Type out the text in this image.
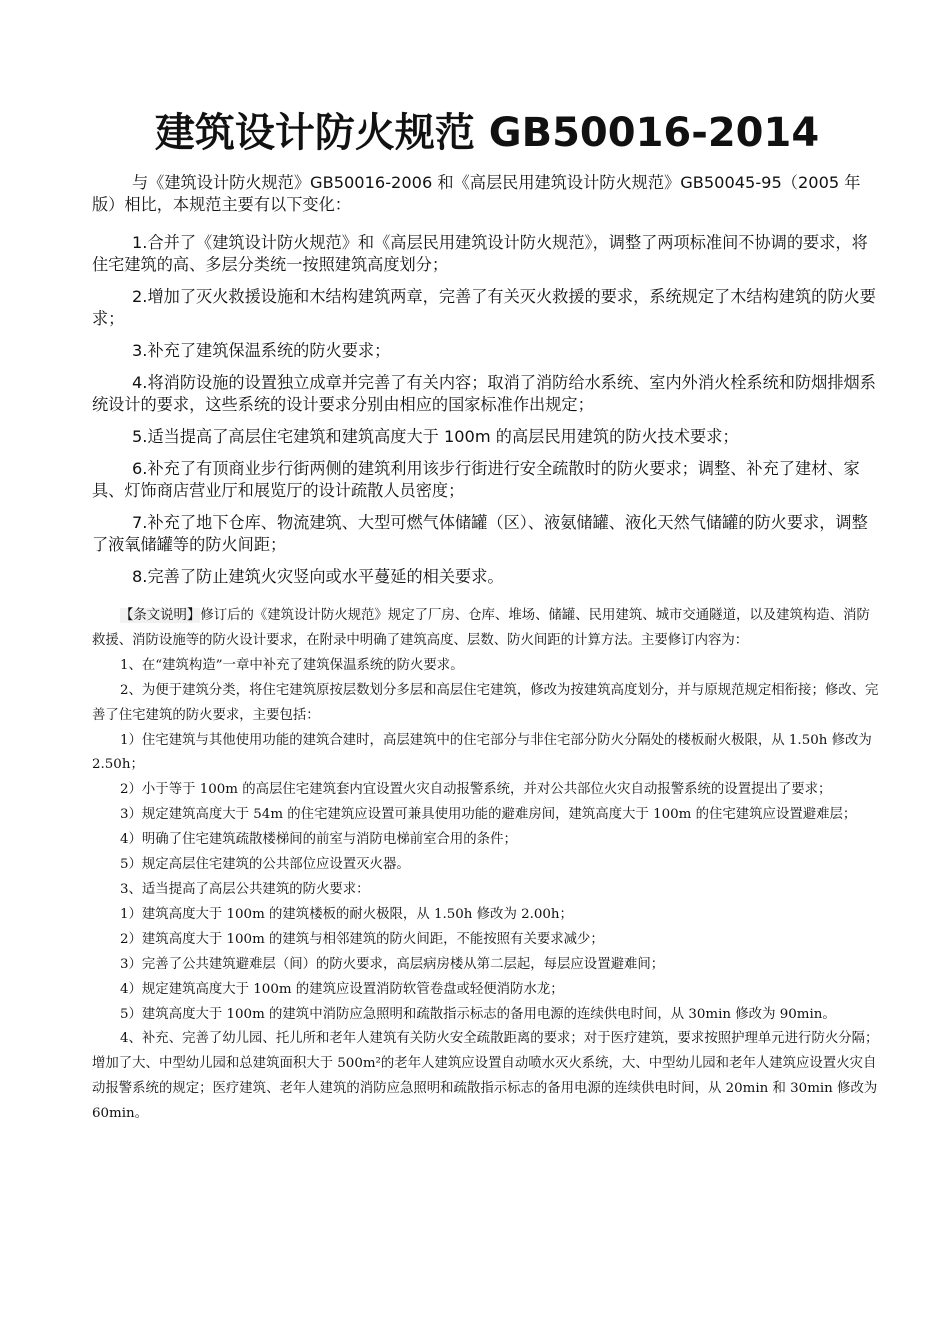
建筑设计防火规范 GB50016-2014

与《建筑设计防火规范》GB50016-2006 和《高层民用建筑设计防火规范》GB50045-95（2005 年版）相比，本规范主要有以下变化：

1.合并了《建筑设计防火规范》和《高层民用建筑设计防火规范》，调整了两项标准间不协调的要求，将住宅建筑的高、多层分类统一按照建筑高度划分；

2.增加了灭火救援设施和木结构建筑两章，完善了有关灭火救援的要求，系统规定了木结构建筑的防火要求；

3.补充了建筑保温系统的防火要求；

4.将消防设施的设置独立成章并完善了有关内容；取消了消防给水系统、室内外消火栓系统和防烟排烟系统设计的要求，这些系统的设计要求分别由相应的国家标准作出规定；

5.适当提高了高层住宅建筑和建筑高度大于 100m 的高层民用建筑的防火技术要求；

6.补充了有顶商业步行街两侧的建筑利用该步行街进行安全疏散时的防火要求；调整、补充了建材、家具、灯饰商店营业厅和展览厅的设计疏散人员密度；

7.补充了地下仓库、物流建筑、大型可燃气体储罐（区）、液氨储罐、液化天然气储罐的防火要求，调整了液氧储罐等的防火间距；

8.完善了防止建筑火灾竖向或水平蔓延的相关要求。

【条文说明】修订后的《建筑设计防火规范》规定了厂房、仓库、堆场、储罐、民用建筑、城市交通隧道，以及建筑构造、消防救援、消防设施等的防火设计要求，在附录中明确了建筑高度、层数、防火间距的计算方法。主要修订内容为：

1、在“建筑构造”一章中补充了建筑保温系统的防火要求。

2、为便于建筑分类，将住宅建筑原按层数划分多层和高层住宅建筑，修改为按建筑高度划分，并与原规范规定相衔接；修改、完善了住宅建筑的防火要求，主要包括：

1）住宅建筑与其他使用功能的建筑合建时，高层建筑中的住宅部分与非住宅部分防火分隔处的楼板耐火极限，从 1.50h 修改为 2.50h；

2）小于等于 100m 的高层住宅建筑套内宜设置火灾自动报警系统，并对公共部位火灾自动报警系统的设置提出了要求；

3）规定建筑高度大于 54m 的住宅建筑应设置可兼具使用功能的避难房间，建筑高度大于 100m 的住宅建筑应设置避难层；

4）明确了住宅建筑疏散楼梯间的前室与消防电梯前室合用的条件；

5）规定高层住宅建筑的公共部位应设置灭火器。

3、适当提高了高层公共建筑的防火要求：

1）建筑高度大于 100m 的建筑楼板的耐火极限，从 1.50h 修改为 2.00h；

2）建筑高度大于 100m 的建筑与相邻建筑的防火间距，不能按照有关要求减少；

3）完善了公共建筑避难层（间）的防火要求，高层病房楼从第二层起，每层应设置避难间；

4）规定建筑高度大于 100m 的建筑应设置消防软管卷盘或轻便消防水龙；

5）建筑高度大于 100m 的建筑中消防应急照明和疏散指示标志的备用电源的连续供电时间，从 30min 修改为 90min。

4、补充、完善了幼儿园、托儿所和老年人建筑有关防火安全疏散距离的要求；对于医疗建筑，要求按照护理单元进行防火分隔；增加了大、中型幼儿园和总建筑面积大于 500m²的老年人建筑应设置自动喷水灭火系统，大、中型幼儿园和老年人建筑应设置火灾自动报警系统的规定；医疗建筑、老年人建筑的消防应急照明和疏散指示标志的备用电源的连续供电时间，从 20min 和 30min 修改为 60min。
